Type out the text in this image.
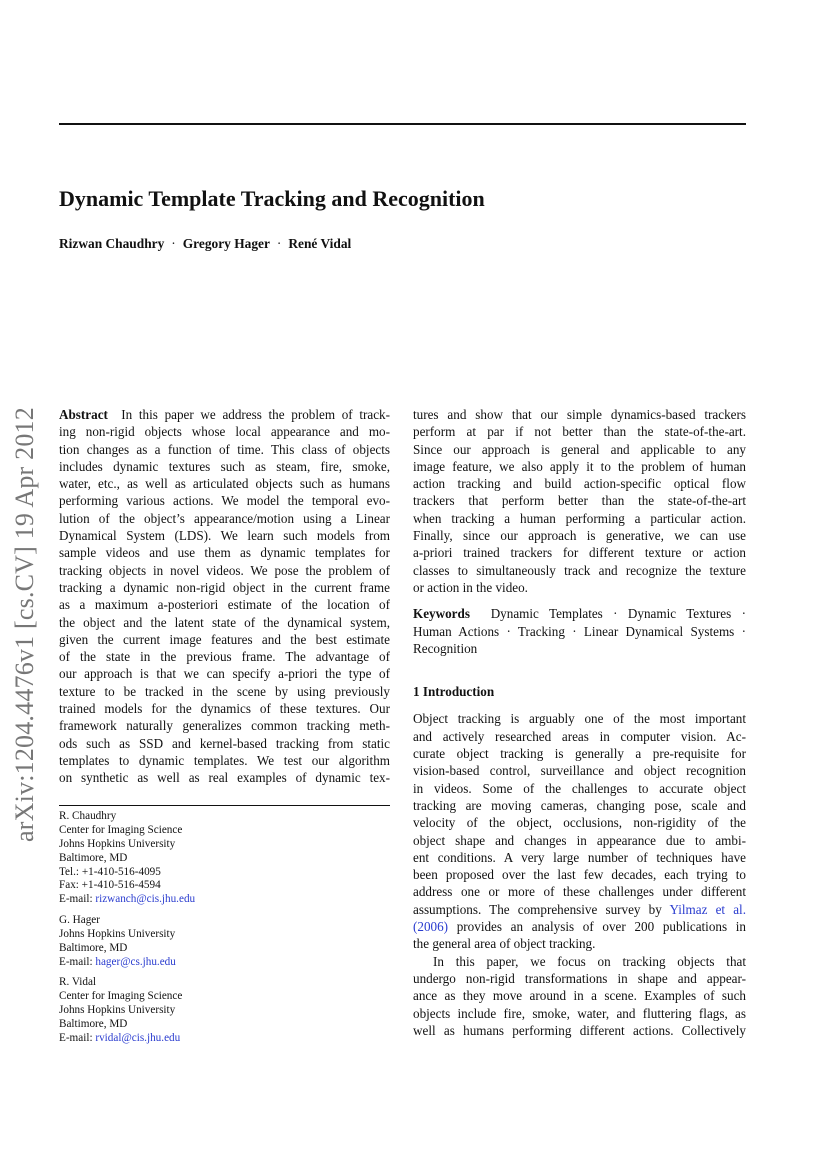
Dynamic Template Tracking and Recognition
Rizwan Chaudhry · Gregory Hager · René Vidal
arXiv:1204.4476v1 [cs.CV] 19 Apr 2012 Abstract In this paper we address the problem of track-
ing non-rigid objects whose local appearance and mo-
tion changes as a function of time. This class of objects
includes dynamic textures such as steam, fire, smoke,
water, etc., as well as articulated objects such as humans
performing various actions. We model the temporal evo-
lution of the object’s appearance/motion using a Linear
Dynamical System (LDS). We learn such models from
sample videos and use them as dynamic templates for
tracking objects in novel videos. We pose the problem of
tracking a dynamic non-rigid object in the current frame
as a maximum a-posteriori estimate of the location of
the object and the latent state of the dynamical system,
given the current image features and the best estimate
of the state in the previous frame. The advantage of
our approach is that we can specify a-priori the type of
texture to be tracked in the scene by using previously
trained models for the dynamics of these textures. Our
framework naturally generalizes common tracking meth-
ods such as SSD and kernel-based tracking from static
templates to dynamic templates. We test our algorithm
on synthetic as well as real examples of dynamic tex-
R. Chaudhry
Center for Imaging Science
Johns Hopkins University
Baltimore, MD
Tel.: +1-410-516-4095
Fax: +1-410-516-4594
E-mail: rizwanch@cis.jhu.edu
G. Hager
Johns Hopkins University
Baltimore, MD
E-mail: hager@cs.jhu.edu
R. Vidal
Center for Imaging Science
Johns Hopkins University
Baltimore, MD
E-mail: rvidal@cis.jhu.edu
tures and show that our simple dynamics-based trackers
perform at par if not better than the state-of-the-art.
Since our approach is general and applicable to any
image feature, we also apply it to the problem of human
action tracking and build action-specific optical flow
trackers that perform better than the state-of-the-art
when tracking a human performing a particular action.
Finally, since our approach is generative, we can use
a-priori trained trackers for different texture or action
classes to simultaneously track and recognize the texture
or action in the video.
Keywords Dynamic Templates · Dynamic Textures ·
Human Actions · Tracking · Linear Dynamical Systems ·
Recognition
1 Introduction
Object tracking is arguably one of the most important
and actively researched areas in computer vision. Ac-
curate object tracking is generally a pre-requisite for
vision-based control, surveillance and object recognition
in videos. Some of the challenges to accurate object
tracking are moving cameras, changing pose, scale and
velocity of the object, occlusions, non-rigidity of the
object shape and changes in appearance due to ambi-
ent conditions. A very large number of techniques have
been proposed over the last few decades, each trying to
address one or more of these challenges under different
assumptions. The comprehensive survey by Yilmaz et al.
(2006) provides an analysis of over 200 publications in
the general area of object tracking.
In this paper, we focus on tracking objects that
undergo non-rigid transformations in shape and appear-
ance as they move around in a scene. Examples of such
objects include fire, smoke, water, and fluttering flags, as
well as humans performing different actions. Collectively
